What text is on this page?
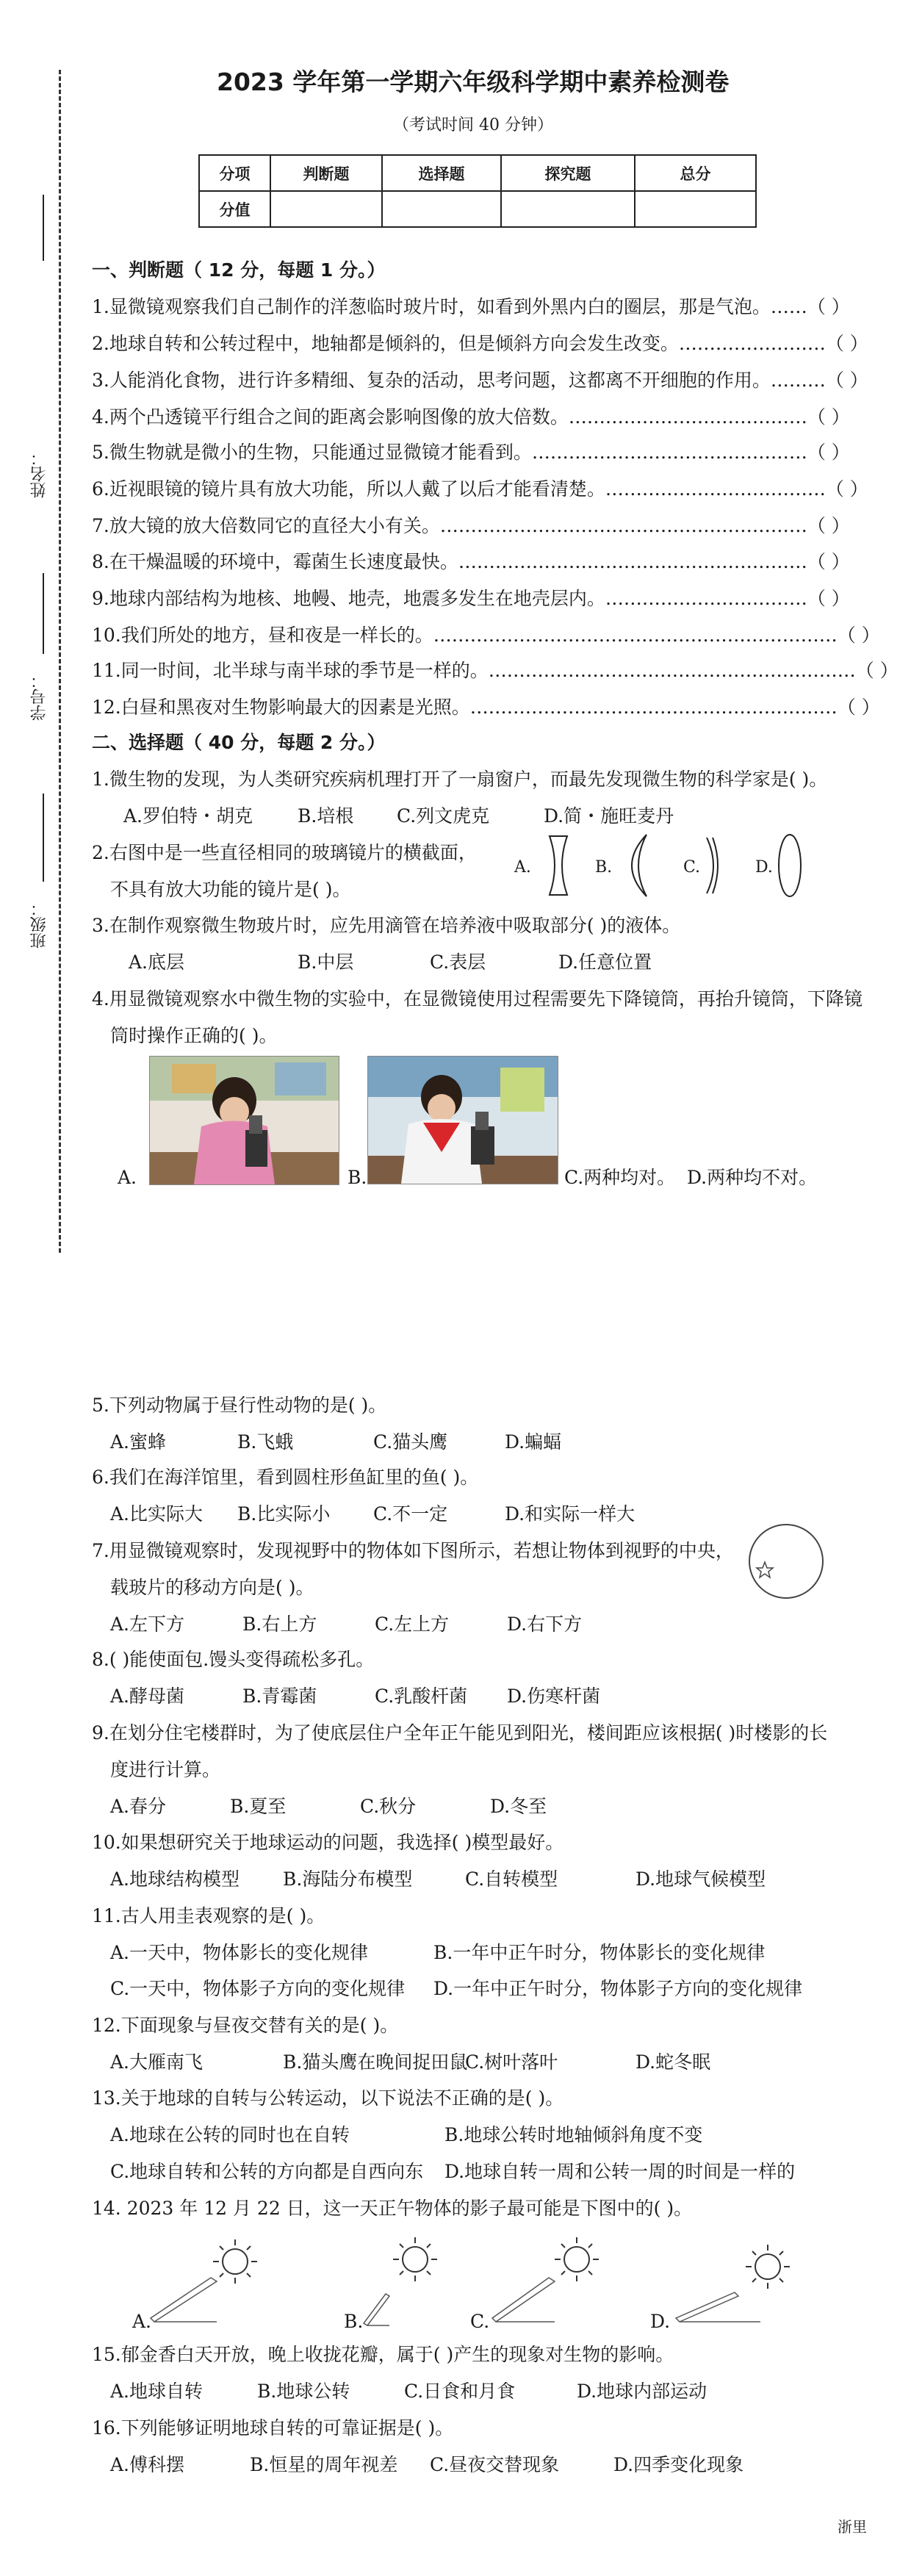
姓名：
学号：
班级：
2023 学年第一学期六年级科学期中素养检测卷
（考试时间 40 分钟）
分项	判断题	选择题	探究题	总分
分值				
一、判断题（ 12 分，每题 1 分。）
1.显微镜观察我们自己制作的洋葱临时玻片时，如看到外黑内白的圈层，那是气泡。……（ ）
2.地球自转和公转过程中，地轴都是倾斜的，但是倾斜方向会发生改变。……………………（ ）
3.人能消化食物，进行许多精细、复杂的活动，思考问题，这都离不开细胞的作用。………（ ）
4.两个凸透镜平行组合之间的距离会影响图像的放大倍数。…………………………………（ ）
5.微生物就是微小的生物，只能通过显微镜才能看到。………………………………………（ ）
6.近视眼镜的镜片具有放大功能，所以人戴了以后才能看清楚。………………………………（ ）
7.放大镜的放大倍数同它的直径大小有关。……………………………………………………（ ）
8.在干燥温暖的环境中，霉菌生长速度最快。…………………………………………………（ ）
9.地球内部结构为地核、地幔、地壳，地震多发生在地壳层内。……………………………（ ）
10.我们所处的地方，昼和夜是一样长的。…………………………………………………………（ ）
11.同一时间，北半球与南半球的季节是一样的。……………………………………………………（ ）
12.白昼和黑夜对生物影响最大的因素是光照。……………………………………………………（ ）
二、选择题（ 40 分，每题 2 分。）
1.微生物的发现，为人类研究疾病机理打开了一扇窗户，而最先发现微生物的科学家是( )。
A.罗伯特・胡克 B.培根 C.列文虎克	D.简・施旺麦丹
2.右图中是一些直径相同的玻璃镜片的横截面，
不具有放大功能的镜片是( )。
A.	B.	C.	D.
3.在制作观察微生物玻片时，应先用滴管在培养液中吸取部分( )的液体。
A.底层	B.中层	C.表层	D.任意位置
4.用显微镜观察水中微生物的实验中，在显微镜使用过程需要先下降镜筒，再抬升镜筒，下降镜
筒时操作正确的( )。
A.	B.	C.两种均对。 D.两种均不对。
5.下列动物属于昼行性动物的是( )。
A.蜜蜂	B.飞蛾	C.猫头鹰	D.蝙蝠
6.我们在海洋馆里，看到圆柱形鱼缸里的鱼( )。
A.比实际大 B.比实际小 C.不一定	D.和实际一样大
7.用显微镜观察时，发现视野中的物体如下图所示，若想让物体到视野的中央，
载玻片的移动方向是( )。
A.左下方	B.右上方	C.左上方	D.右下方
8.( )能使面包.馒头变得疏松多孔。
A.酵母菌	B.青霉菌	C.乳酸杆菌 D.伤寒杆菌
9.在划分住宅楼群时，为了使底层住户全年正午能见到阳光，楼间距应该根据( )时楼影的长
度进行计算。
A.春分	B.夏至	C.秋分	D.冬至
10.如果想研究关于地球运动的问题，我选择( )模型最好。
A.地球结构模型 B.海陆分布模型	C.自转模型	D.地球气候模型
11.古人用圭表观察的是( )。
A.一天中，物体影长的变化规律	B.一年中正午时分，物体影长的变化规律
C.一天中，物体影子方向的变化规律 D.一年中正午时分，物体影子方向的变化规律
12.下面现象与昼夜交替有关的是( )。
A.大雁南飞	B.猫头鹰在晚间捉田鼠
C.树叶落叶	D.蛇冬眠
13.关于地球的自转与公转运动，以下说法不正确的是( )。
A.地球在公转的同时也在自转	B.地球公转时地轴倾斜角度不变
C.地球自转和公转的方向都是自西向东 D.地球自转一周和公转一周的时间是一样的
14. 2023 年 12 月 22 日，这一天正午物体的影子最可能是下图中的( )。
A.	B.	C.	D.
15.郁金香白天开放，晚上收拢花瓣，属于( )产生的现象对生物的影响。
A.地球自转	B.地球公转	C.日食和月食	D.地球内部运动
16.下列能够证明地球自转的可靠证据是( )。
A.傅科摆	B.恒星的周年视差 C.昼夜交替现象	D.四季变化现象
浙里
